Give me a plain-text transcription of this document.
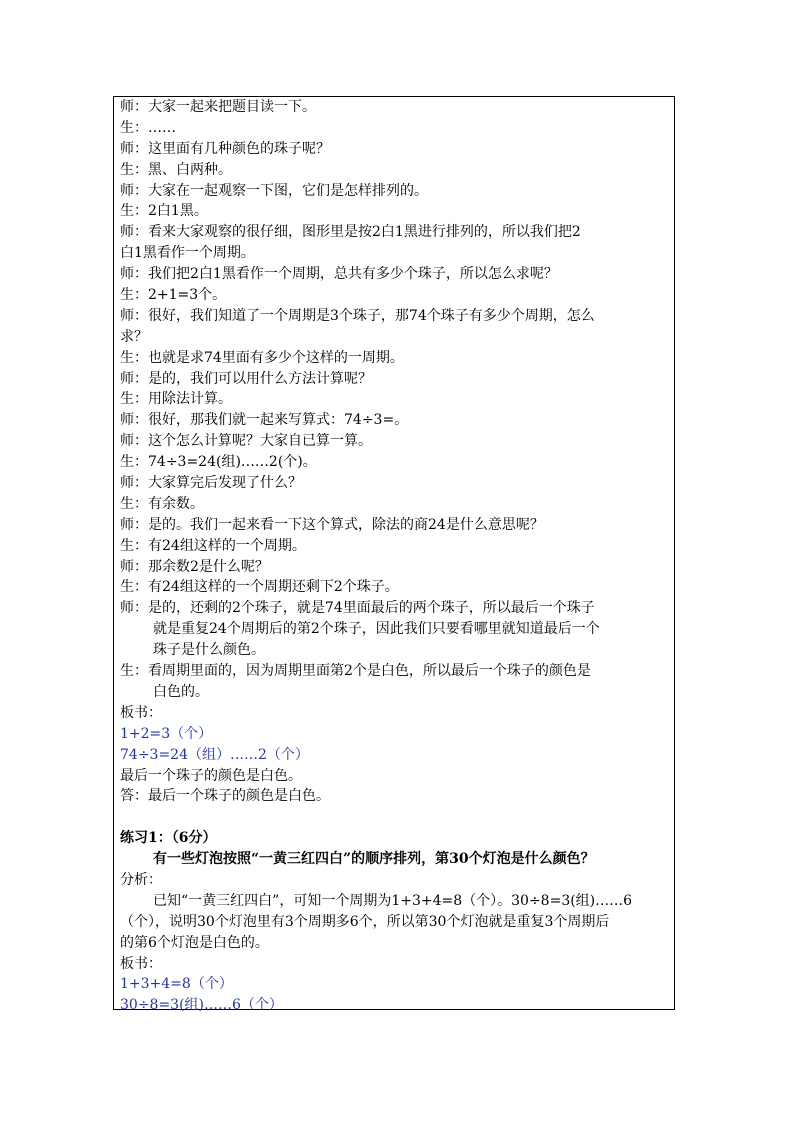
师：大家一起来把题目读一下。
生：……
师：这里面有几种颜色的珠子呢？
生：黑、白两种。
师：大家在一起观察一下图，它们是怎样排列的。
生：2白1黑。
师：看来大家观察的很仔细，图形里是按2白1黑进行排列的，所以我们把2
白1黑看作一个周期。
师：我们把2白1黑看作一个周期，总共有多少个珠子，所以怎么求呢？
生：2+1=3个。
师：很好，我们知道了一个周期是3个珠子，那74个珠子有多少个周期，怎么
求？
生：也就是求74里面有多少个这样的一周期。
师：是的，我们可以用什么方法计算呢？
生：用除法计算。
师：很好，那我们就一起来写算式：74÷3=。
师：这个怎么计算呢？大家自已算一算。
生：74÷3=24(组)……2(个)。
师：大家算完后发现了什么？
生：有余数。
师：是的。我们一起来看一下这个算式，除法的商24是什么意思呢？
生：有24组这样的一个周期。
师：那余数2是什么呢？
生：有24组这样的一个周期还剩下2个珠子。
师：是的，还剩的2个珠子，就是74里面最后的两个珠子，所以最后一个珠子
就是重复24个周期后的第2个珠子，因此我们只要看哪里就知道最后一个
珠子是什么颜色。
生：看周期里面的，因为周期里面第2个是白色，所以最后一个珠子的颜色是
白色的。
板书：
1+2=3（个）
74÷3=24（组）……2（个）
最后一个珠子的颜色是白色。
答：最后一个珠子的颜色是白色。
练习1：（6分）
有一些灯泡按照“一黄三红四白”的顺序排列，第30个灯泡是什么颜色？
分析：
已知“一黄三红四白”，可知一个周期为1+3+4=8（个）。30÷8=3(组)……6
（个），说明30个灯泡里有3个周期多6个，所以第30个灯泡就是重复3个周期后
的第6个灯泡是白色的。
板书：
1+3+4=8（个）
30÷8=3(组)……6（个）
